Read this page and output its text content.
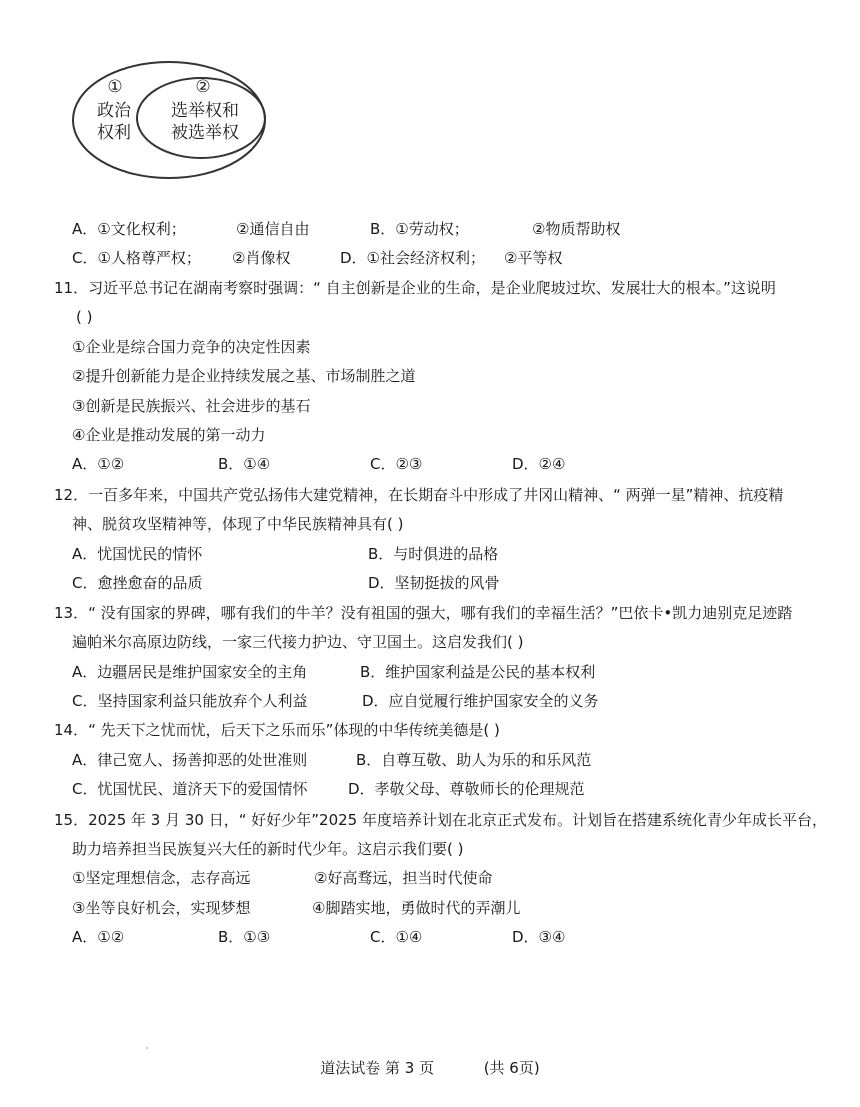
①
政治
权利
②
选举权和
被选举权
A．①文化权利；	②通信自由	B．①劳动权；	②物质帮助权
C．①人格尊严权； ②肖像权	D．①社会经济权利； ②平等权
11．习近平总书记在湖南考察时强调：“ 自主创新是企业的生命，是企业爬坡过坎、发展壮大的根本。”这说明
( )
①企业是综合国力竞争的决定性因素
②提升创新能力是企业持续发展之基、市场制胜之道
③创新是民族振兴、社会进步的基石
④企业是推动发展的第一动力
A．①②	B．①④	C．②③	D．②④
12．一百多年来，中国共产党弘扬伟大建党精神，在长期奋斗中形成了井冈山精神、“ 两弹一星”精神、抗疫精
神、脱贫攻坚精神等，体现了中华民族精神具有( )
A．忧国忧民的情怀	B．与时俱进的品格
C．愈挫愈奋的品质	D．坚韧挺拔的风骨
13．“ 没有国家的界碑，哪有我们的牛羊？没有祖国的强大，哪有我们的幸福生活？”巴依卡•凯力迪别克足迹踏
遍帕米尔高原边防线，一家三代接力护边、守卫国土。这启发我们( )
A．边疆居民是维护国家安全的主角	B．维护国家利益是公民的基本权利
C．坚持国家利益只能放弃个人利益	D．应自觉履行维护国家安全的义务
14．“ 先天下之忧而忧，后天下之乐而乐”体现的中华传统美德是( )
A．律己宽人、扬善抑恶的处世准则	B．自尊互敬、助人为乐的和乐风范
C．忧国忧民、道济天下的爱国情怀	D．孝敬父母、尊敬师长的伦理规范
15．2025 年 3 月 30 日，“ 好好少年”2025 年度培养计划在北京正式发布。计划旨在搭建系统化青少年成长平台，
助力培养担当民族复兴大任的新时代少年。这启示我们要( )
①坚定理想信念，志存高远	②好高骛远，担当时代使命
③坐等良好机会，实现梦想	④脚踏实地，勇做时代的弄潮儿
A．①②	B．①③	C．①④	D．③④
道法试卷 第 3 页	(共 6页)
